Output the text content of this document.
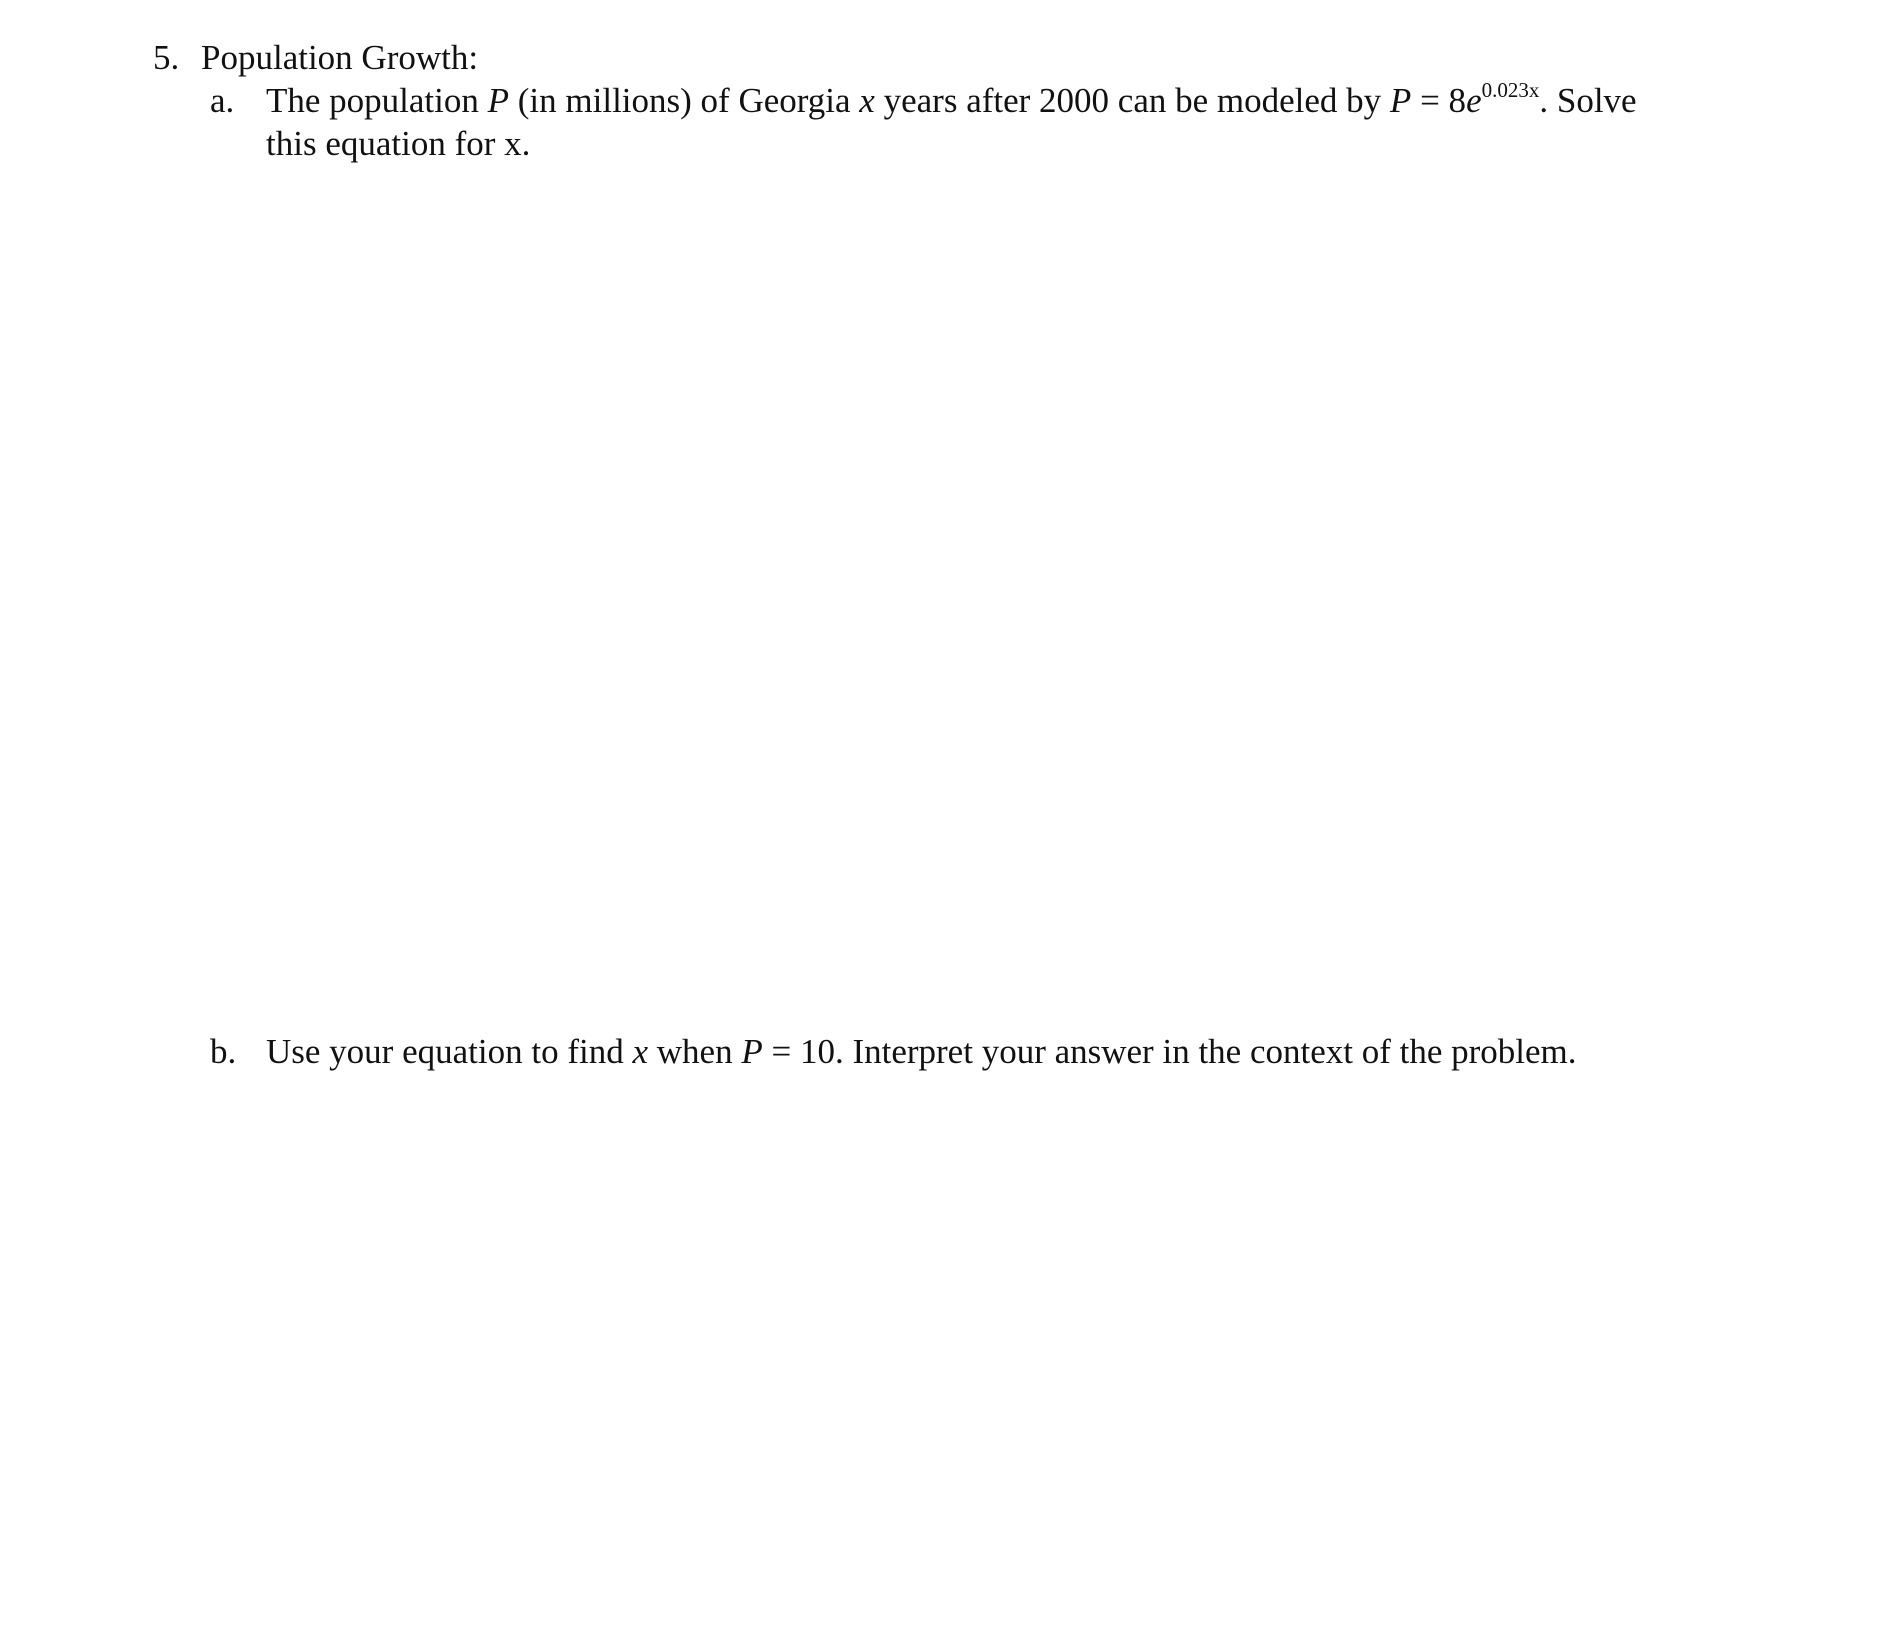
5. Population Growth:
a. The population P (in millions) of Georgia x years after 2000 can be modeled by $P = 8e^{0.023x}$. Solve
this equation for x.
b. Use your equation to find x when P = 10. Interpret your answer in the context of the problem.
